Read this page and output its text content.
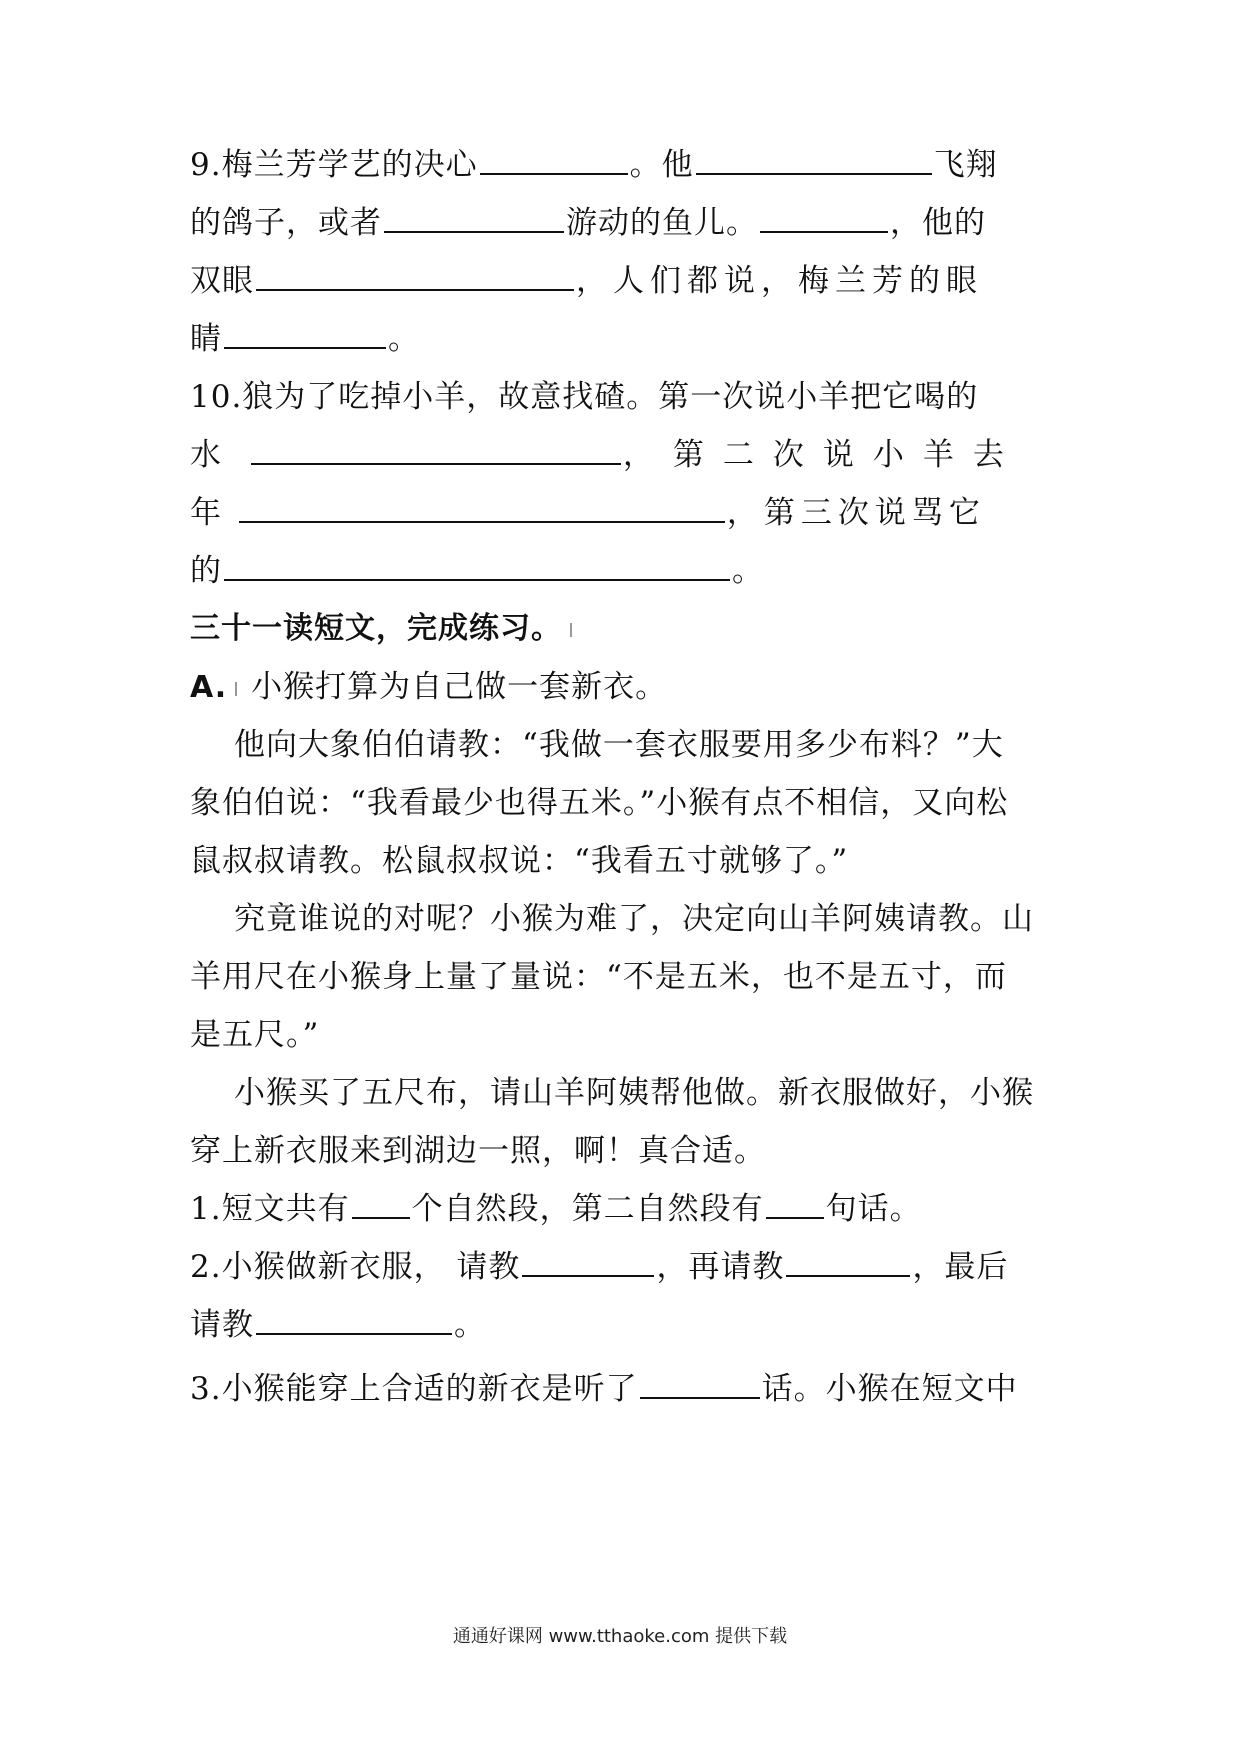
9.梅兰芳学艺的决心	。他	飞翔
的鸽子，或者	游动的鱼儿。	，他的
双眼	，人们都说，梅兰芳的眼
睛	。
10.狼为了吃掉小羊，故意找碴。第一次说小羊把它喝的
水	，第二次说小羊去
年	，第三次说骂它
的	。
三十一读短文，完成练习。
A. 小猴打算为自己做一套新衣。
他向大象伯伯请教：“我做一套衣服要用多少布料？”大
象伯伯说：“我看最少也得五米。”小猴有点不相信，又向松
鼠叔叔请教。松鼠叔叔说：“我看五寸就够了。”
究竟谁说的对呢？小猴为难了，决定向山羊阿姨请教。山
羊用尺在小猴身上量了量说：“不是五米，也不是五寸，而
是五尺。”
小猴买了五尺布，请山羊阿姨帮他做。新衣服做好，小猴
穿上新衣服来到湖边一照，啊！真合适。
1.短文共有 个自然段，第二自然段有 句话。
2.小猴做新衣服， 请教	，再请教	，最后
请教	。
3.小猴能穿上合适的新衣是听了	话。小猴在短文中
通通好课网 www.tthaoke.com 提供下载
